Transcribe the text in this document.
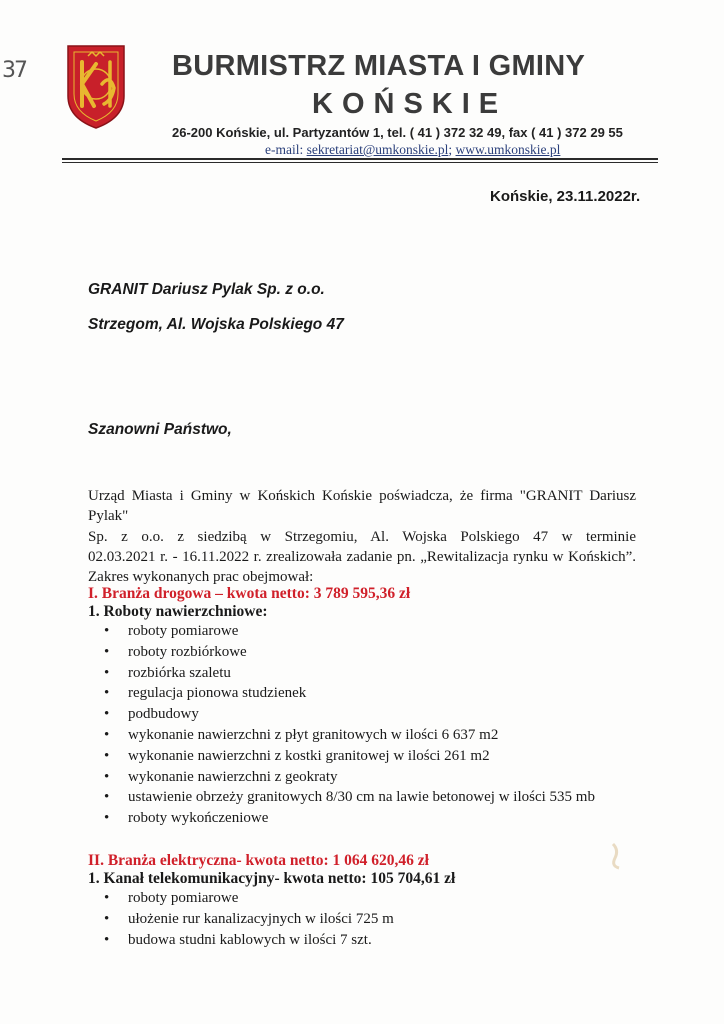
37	BURMISTRZ MIASTA I GMINY
KOŃSKIE
26-200 Końskie, ul. Partyzantów 1, tel. ( 41 ) 372 32 49, fax ( 41 ) 372 29 55
e-mail: sekretariat@umkonskie.pl; www.umkonskie.pl
Końskie, 23.11.2022r.
GRANIT Dariusz Pylak Sp. z o.o.
Strzegom, Al. Wojska Polskiego 47
Szanowni Państwo,
Urząd Miasta i Gminy w Końskich Końskie poświadcza, że firma "GRANIT Dariusz Pylak"
Sp. z o.o. z siedzibą w Strzegomiu, Al. Wojska Polskiego 47 w terminie
02.03.2021 r. - 16.11.2022 r. zrealizowała zadanie pn. „Rewitalizacja rynku w Końskich”.
Zakres wykonanych prac obejmował:
I. Branża drogowa – kwota netto: 3 789 595,36 zł
1. Roboty nawierzchniowe:
• roboty pomiarowe
• roboty rozbiórkowe
• rozbiórka szaletu
• regulacja pionowa studzienek
• podbudowy
• wykonanie nawierzchni z płyt granitowych w ilości 6 637 m2
• wykonanie nawierzchni z kostki granitowej w ilości 261 m2
• wykonanie nawierzchni z geokraty
• ustawienie obrzeży granitowych 8/30 cm na lawie betonowej w ilości 535 mb
• roboty wykończeniowe
II. Branża elektryczna- kwota netto: 1 064 620,46 zł
1. Kanał telekomunikacyjny- kwota netto: 105 704,61 zł
• roboty pomiarowe
• ułożenie rur kanalizacyjnych w ilości 725 m
• budowa studni kablowych w ilości 7 szt.
